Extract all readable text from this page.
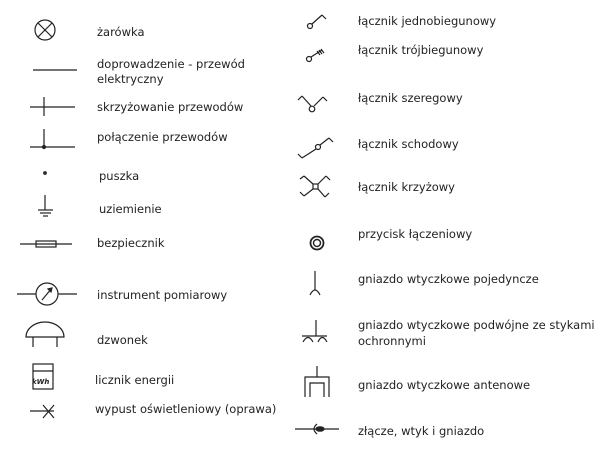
kWh
żarówka
doprowadzenie - przewód
elektryczny
skrzyżowanie przewodów
połączenie przewodów
puszka
uziemienie
bezpiecznik
instrument pomiarowy
dzwonek
licznik energii
wypust oświetleniowy (oprawa)
łącznik jednobiegunowy
łącznik trójbiegunowy
łącznik szeregowy
łącznik schodowy
łącznik krzyżowy
przycisk łączeniowy
gniazdo wtyczkowe pojedyncze
gniazdo wtyczkowe podwójne ze stykami
ochronnymi
gniazdo wtyczkowe antenowe
złącze, wtyk i gniazdo
